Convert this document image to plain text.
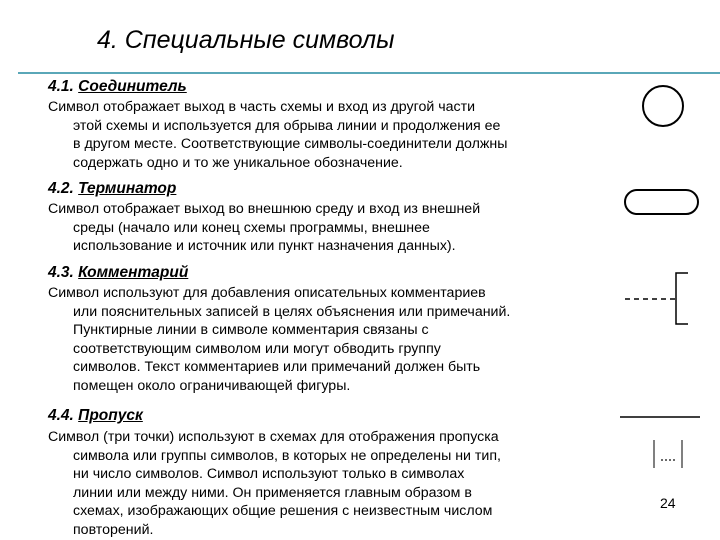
4. Специальные символы
4.1. Соединитель
Символ отображает выход в часть схемы и вход из другой части
этой схемы и используется для обрыва линии и продолжения ее
в другом месте. Соответствующие символы-соединители должны
содержать одно и то же уникальное обозначение.
4.2. Терминатор
Символ отображает выход во внешнюю среду и вход из внешней
среды (начало или конец схемы программы, внешнее
использование и источник или пункт назначения данных).
4.3. Комментарий
Символ используют для добавления описательных комментариев
или пояснительных записей в целях объяснения или примечаний.
Пунктирные линии в символе комментария связаны с
соответствующим символом или могут обводить группу
символов. Текст комментариев или примечаний должен быть
помещен около ограничивающей фигуры.
4.4. Пропуск
Символ (три точки) используют в схемах для отображения пропуска
символа или группы символов, в которых не определены ни тип,
ни число символов. Символ используют только в символах
линии или между ними. Он применяется главным образом в
схемах, изображающих общие решения с неизвестным числом
повторений.
24
